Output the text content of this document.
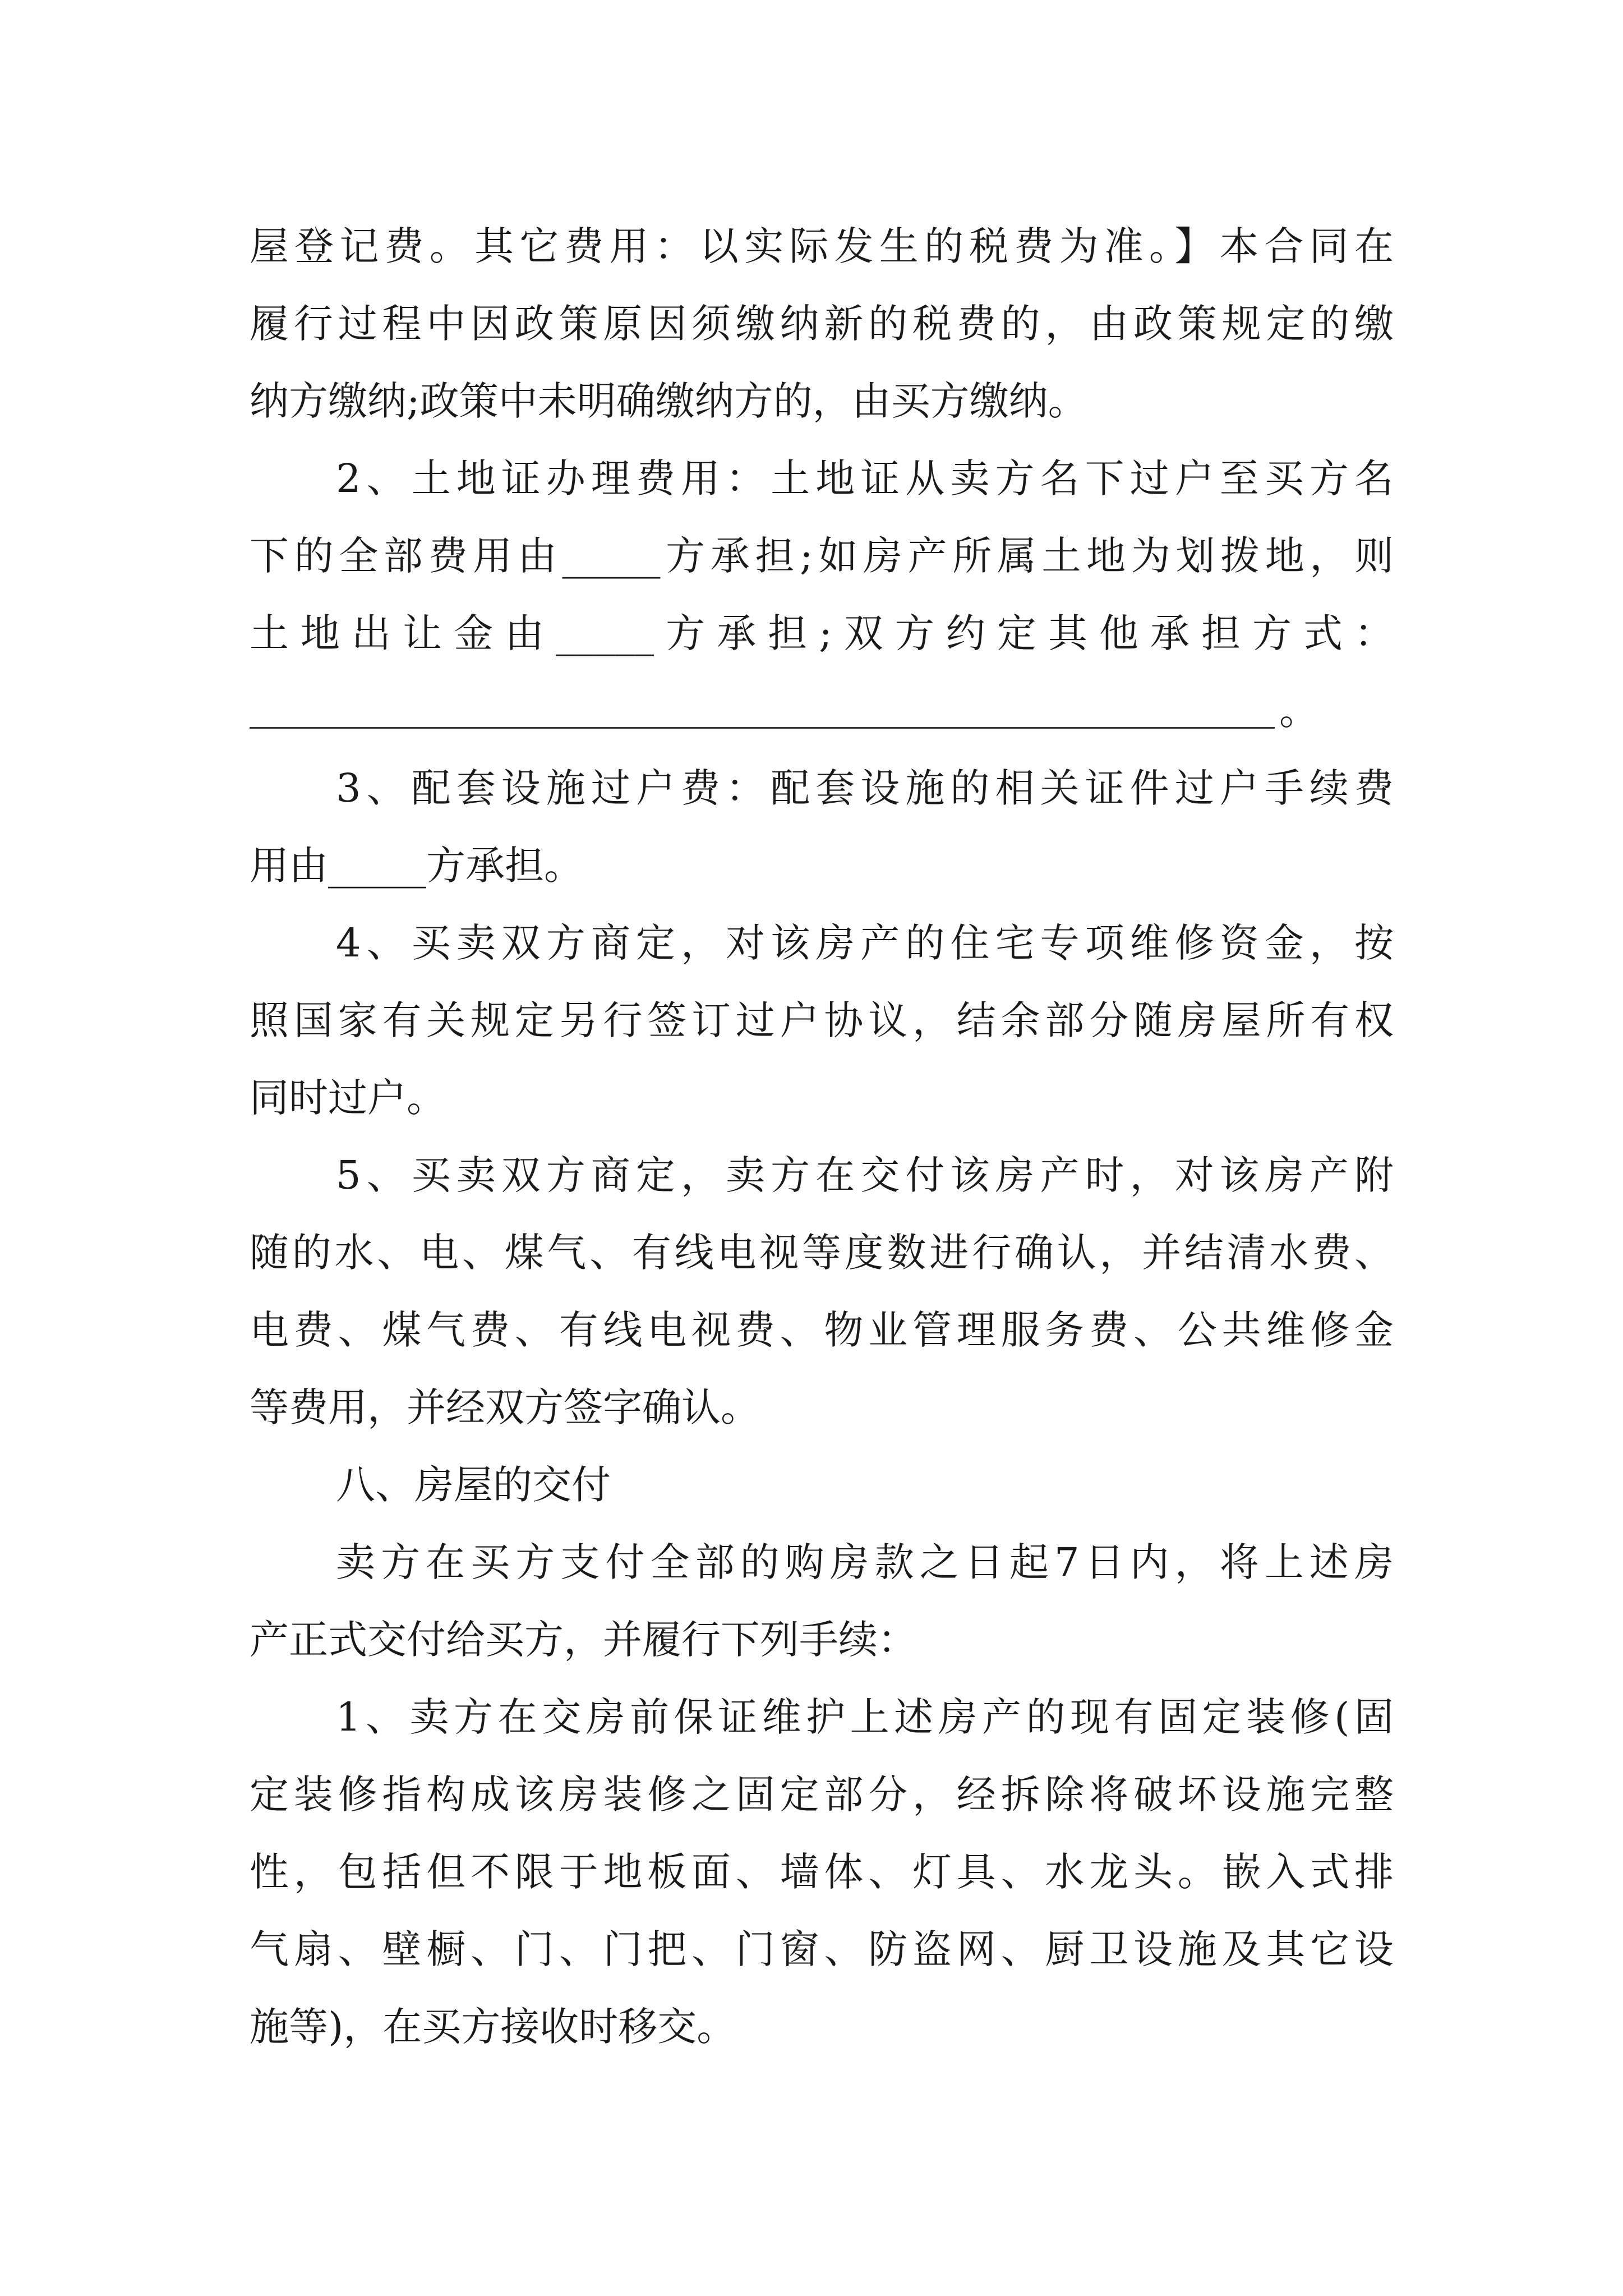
屋登记费。其它费用：以实际发生的税费为准。】本合同在
履行过程中因政策原因须缴纳新的税费的，由政策规定的缴
纳方缴纳;政策中未明确缴纳方的，由买方缴纳。
2、土地证办理费用：土地证从卖方名下过户至买方名
下的全部费用由_____方承担;如房产所属土地为划拨地，则
土地出让金由_____方承担;双方约定其他承担方式：
。
3、配套设施过户费：配套设施的相关证件过户手续费
用由_____方承担。
4、买卖双方商定，对该房产的住宅专项维修资金，按
照国家有关规定另行签订过户协议，结余部分随房屋所有权
同时过户。
5、买卖双方商定，卖方在交付该房产时，对该房产附
随的水、电、煤气、有线电视等度数进行确认，并结清水费、
电费、煤气费、有线电视费、物业管理服务费、公共维修金
等费用，并经双方签字确认。
八、房屋的交付
卖方在买方支付全部的购房款之日起7日内，将上述房
产正式交付给买方，并履行下列手续：
1、卖方在交房前保证维护上述房产的现有固定装修(固
定装修指构成该房装修之固定部分，经拆除将破坏设施完整
性，包括但不限于地板面、墙体、灯具、水龙头。嵌入式排
气扇、壁橱、门、门把、门窗、防盗网、厨卫设施及其它设
施等)，在买方接收时移交。
